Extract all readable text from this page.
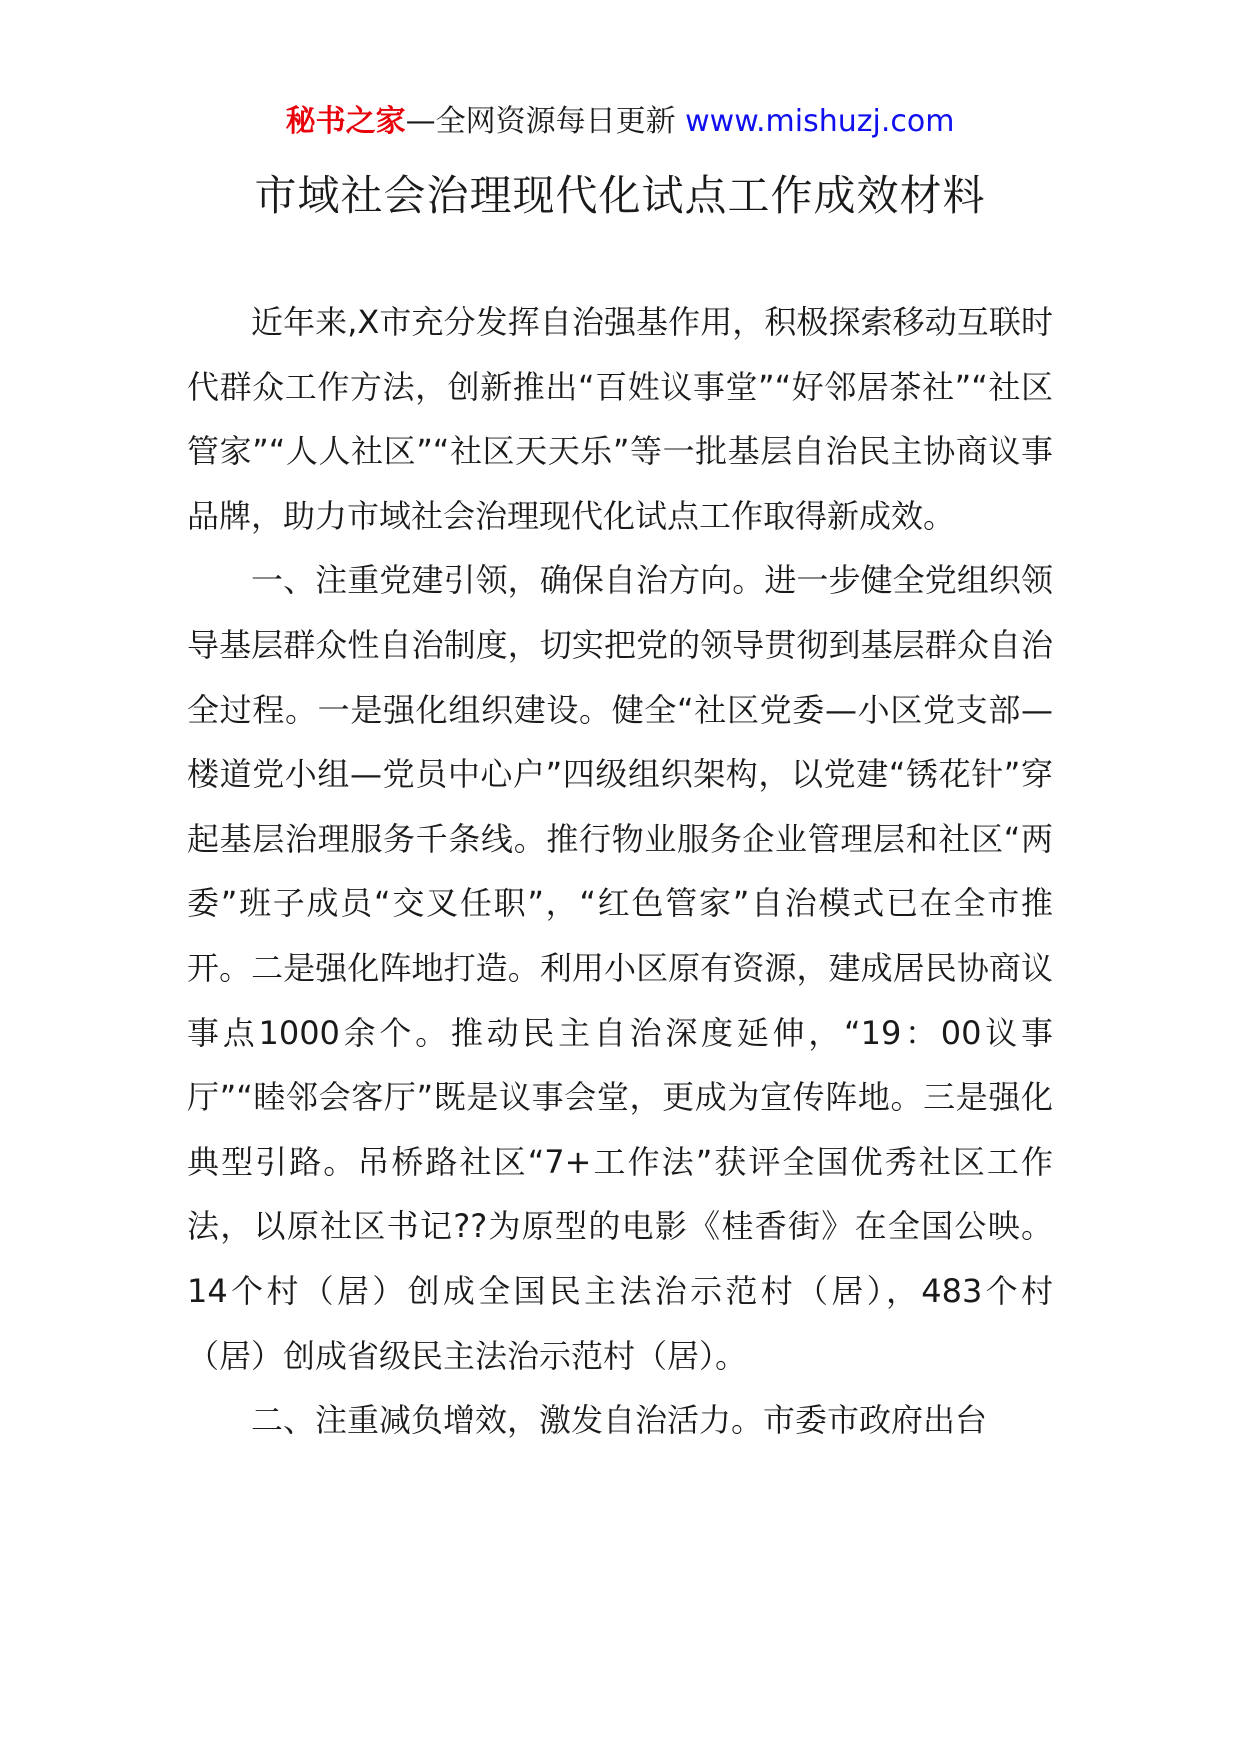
秘书之家—全网资源每日更新 www.mishuzj.com
市域社会治理现代化试点工作成效材料

近年来,X市充分发挥自治强基作用，积极探索移动互联时代群众工作方法，创新推出“百姓议事堂”“好邻居茶社”“社区管家”“人人社区”“社区天天乐”等一批基层自治民主协商议事品牌，助力市域社会治理现代化试点工作取得新成效。

一、注重党建引领，确保自治方向。进一步健全党组织领导基层群众性自治制度，切实把党的领导贯彻到基层群众自治全过程。一是强化组织建设。健全“社区党委—小区党支部—楼道党小组—党员中心户”四级组织架构，以党建“锈花针”穿起基层治理服务千条线。推行物业服务企业管理层和社区“两委”班子成员“交叉任职”，“红色管家”自治模式已在全市推开。二是强化阵地打造。利用小区原有资源，建成居民协商议事点1000余个。推动民主自治深度延伸，“19：00议事厅”“睦邻会客厅”既是议事会堂，更成为宣传阵地。三是强化典型引路。吊桥路社区“7+工作法”获评全国优秀社区工作法，以原社区书记??为原型的电影《桂香街》在全国公映。14个村（居）创成全国民主法治示范村（居），483个村（居）创成省级民主法治示范村（居）。

二、注重减负增效，激发自治活力。市委市政府出台
